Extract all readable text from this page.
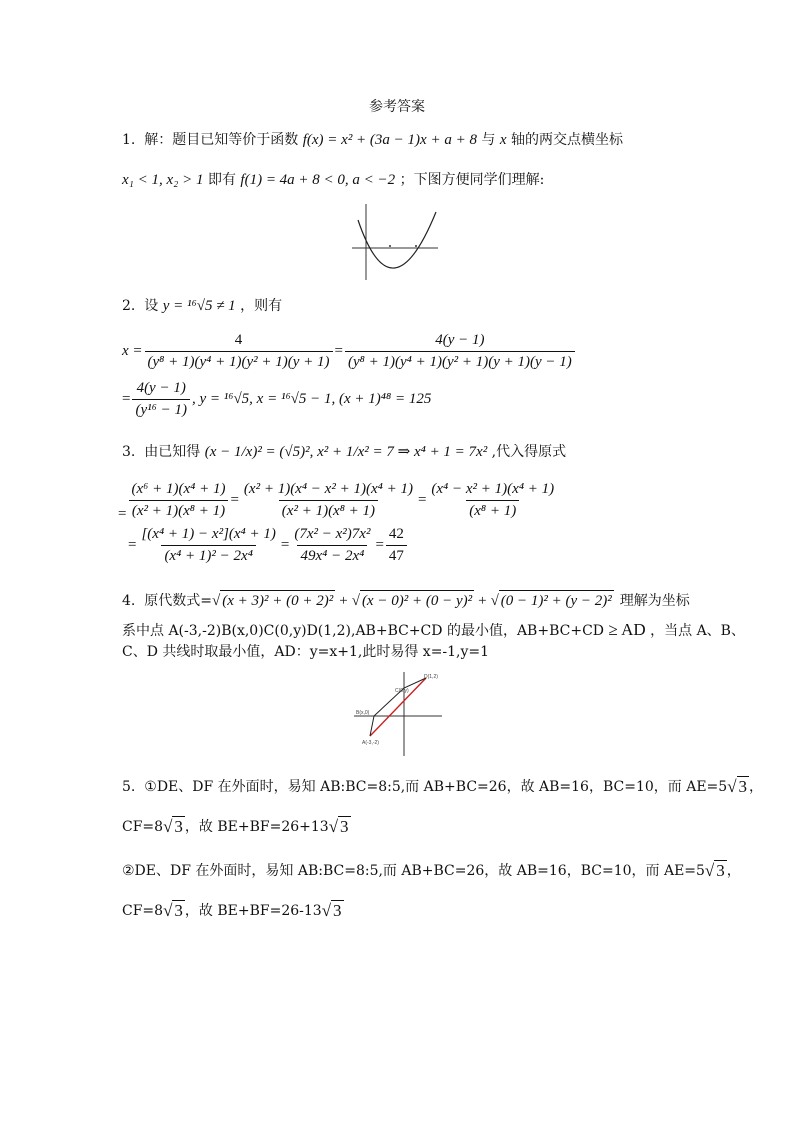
参考答案
1. 解：题目已知等价于函数 f(x) = x² + (3a − 1)x + a + 8 与 x 轴的两交点横坐标
x₁ < 1, x₂ > 1 即有 f(1) = 4a + 8 < 0, a < −2 ；下图方便同学们理解:
2. 设 y = ¹⁶√5 ≠ 1 ，则有
$x = \frac{4}{\text{(y⁸ + 1)(y⁴ + 1)(y² + 1)(y + 1)}} = \frac{4(y - 1)}{\text{(y⁸ + 1)(y⁴ + 1)(y² + 1)(y + 1)(y − 1)}}$
= $\frac{4(y - 1)}{\text{(y¹⁶ − 1)}}$ , y = ¹⁶√5, x = ¹⁶√5 − 1, (x + 1)⁴⁸ = 125
3. 由已知得 (x − 1/x)² = (√5)², x² + 1/x² = 7 ⇒ x⁴ + 1 = 7x² ,代入得原式
= $\frac{\text{(x⁶ + 1)(x⁴ + 1)}}{\text{(x² + 1)(x⁸ + 1)}} = \frac{\text{(x² + 1)(x⁴ − x² + 1)(x⁴ + 1)}}{\text{(x² + 1)(x⁸ + 1)}} = \frac{\text{(x⁴ − x² + 1)(x⁴ + 1)}}{\text{(x⁸ + 1)}}$
= $\frac{\text{[(x⁴ + 1) − x²](x⁴ + 1)}}{\text{(x⁴ + 1)² − 2x⁴}} = \frac{\text{(7x² − x²)7x²}}{\text{49x⁴ − 2x⁴}} = \frac{42}{47}$
4.
原代数式= √ (x + 3)² + (0 + 2)² + √ (x − 0)² + (0 − y)² + √ (0 − 1)² + (y − 2)² 理解为坐标
系中点 A(-3,-2)B(x,0)C(0,y)D(1,2),AB+BC+CD 的最小值，AB+BC+CD ≥ AD ，当点 A、B、
C、D 共线时取最小值，AD：y=x+1,此时易得 x=-1,y=1
B(x,0)
C(0,y)
D(1,2)
A(-3,-2)
5.
①DE、DF 在外面时，易知 AB:BC=8:5,而 AB+BC=26，故 AB=16，BC=10，而 AE=5 √ 3 ，
CF=8 √ 3 ，故 BE+BF=26+13 √ 3
②DE、DF 在外面时，易知 AB:BC=8:5,而 AB+BC=26，故 AB=16，BC=10，而 AE=5 √ 3 ，
CF=8 √ 3 ，故 BE+BF=26-13 √ 3
